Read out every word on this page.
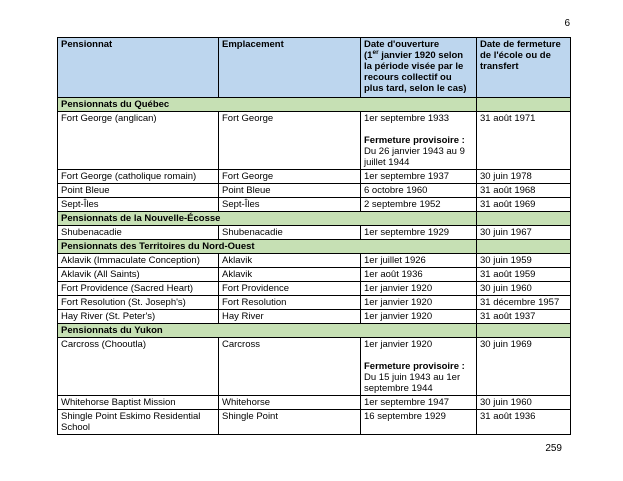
6
Pensionnat	Emplacement	Date d'ouverture
(1er janvier 1920 selon la période visée par le recours collectif ou plus tard, selon le cas)	Date de fermeture de l'école ou de transfert
Pensionnats du Québec			
Fort George (anglican)	Fort George	1er septembre 1933
Fermeture provisoire :
Du 26 janvier 1943 au 9 juillet 1944	31 août 1971
Fort George (catholique romain)	Fort George	1er septembre 1937	30 juin 1978
Point Bleue	Point Bleue	6 octobre 1960	31 août 1968
Sept-Îles	Sept-Îles	2 septembre 1952	31 août 1969
Pensionnats de la Nouvelle-Écosse			
Shubenacadie	Shubenacadie	1er septembre 1929	30 juin 1967
Pensionnats des Territoires du Nord-Ouest			
Aklavik (Immaculate Conception)	Aklavik	1er juillet 1926	30 juin 1959
Aklavik (All Saints)	Aklavik	1er août 1936	31 août 1959
Fort Providence (Sacred Heart)	Fort Providence	1er janvier 1920	30 juin 1960
Fort Resolution (St. Joseph's)	Fort Resolution	1er janvier 1920	31 décembre 1957
Hay River (St. Peter's)	Hay River	1er janvier 1920	31 août 1937
Pensionnats du Yukon			
Carcross (Chooutla)	Carcross	1er janvier 1920
Fermeture provisoire :
Du 15 juin 1943 au 1er septembre 1944	30 juin 1969
Whitehorse Baptist Mission	Whitehorse	1er septembre 1947	30 juin 1960
Shingle Point Eskimo Residential School	Shingle Point	16 septembre 1929	31 août 1936
259
